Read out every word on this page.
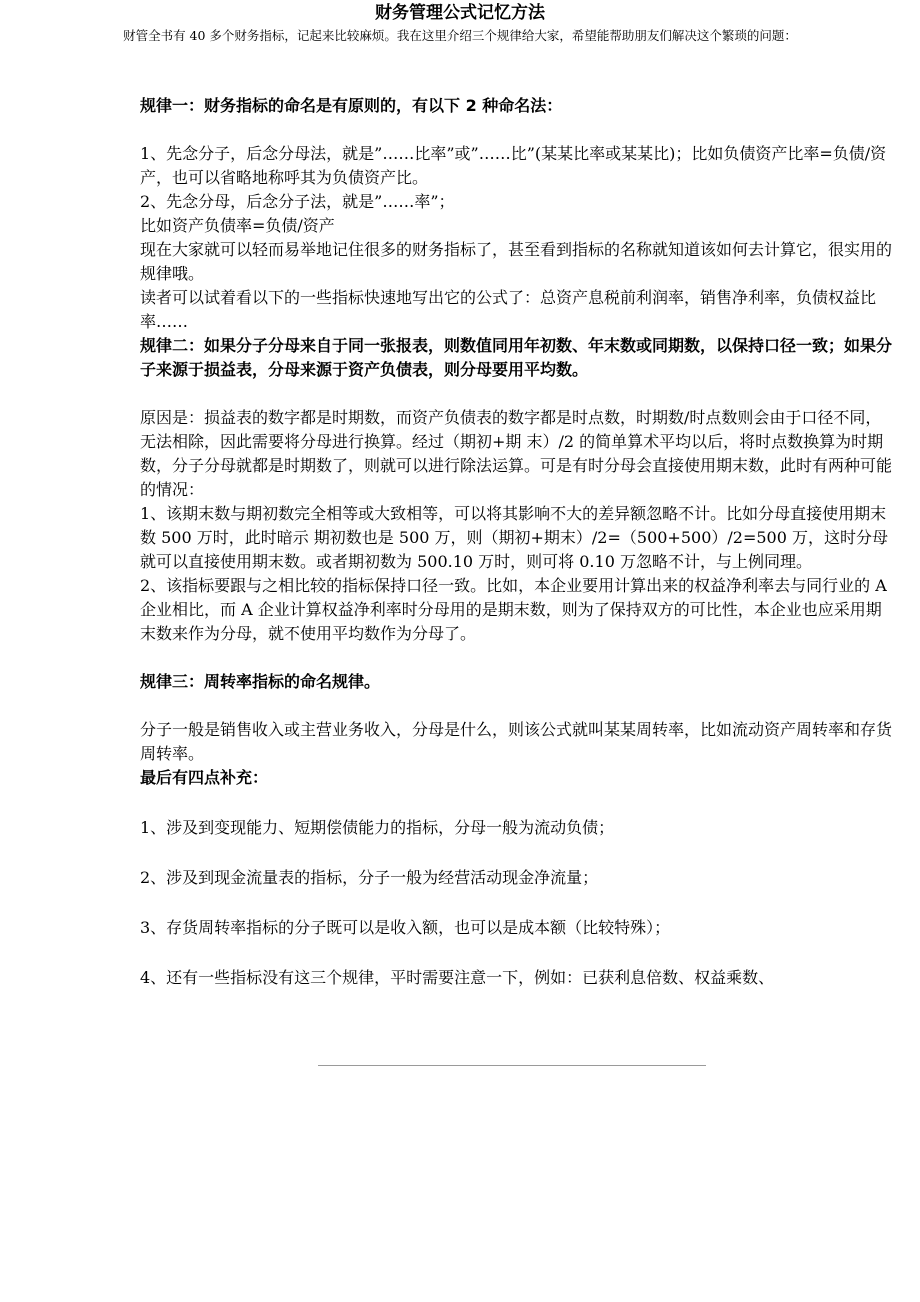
财务管理公式记忆方法
财管全书有 40 多个财务指标，记起来比较麻烦。我在这里介绍三个规律给大家，希望能帮助朋友们解决这个繁琐的问题：

规律一：财务指标的命名是有原则的，有以下 2 种命名法：

1、先念分子，后念分母法，就是”……比率”或”……比”(某某比率或某某比)；比如负债资产比率=负债/资产，也可以省略地称呼其为负债资产比。

2、先念分母，后念分子法，就是”……率”；

比如资产负债率=负债/资产

现在大家就可以轻而易举地记住很多的财务指标了，甚至看到指标的名称就知道该如何去计算它，很实用的规律哦。

读者可以试着看以下的一些指标快速地写出它的公式了：总资产息税前利润率，销售净利率，负债权益比率……

规律二：如果分子分母来自于同一张报表，则数值同用年初数、年末数或同期数，以保持口径一致；如果分子来源于损益表，分母来源于资产负债表，则分母要用平均数。

原因是：损益表的数字都是时期数，而资产负债表的数字都是时点数，时期数/时点数则会由于口径不同，无法相除，因此需要将分母进行换算。经过（期初+期 末）/2 的简单算术平均以后，将时点数换算为时期数，分子分母就都是时期数了，则就可以进行除法运算。可是有时分母会直接使用期末数，此时有两种可能的情况：

1、该期末数与期初数完全相等或大致相等，可以将其影响不大的差异额忽略不计。比如分母直接使用期末数 500 万时，此时暗示 期初数也是 500 万，则（期初+期末）/2=（500+500）/2=500 万，这时分母就可以直接使用期末数。或者期初数为 500.10 万时，则可将 0.10 万忽略不计，与上例同理。

2、该指标要跟与之相比较的指标保持口径一致。比如，本企业要用计算出来的权益净利率去与同行业的 A 企业相比，而 A 企业计算权益净利率时分母用的是期末数，则为了保持双方的可比性，本企业也应采用期末数来作为分母，就不使用平均数作为分母了。

规律三：周转率指标的命名规律。

分子一般是销售收入或主营业务收入，分母是什么，则该公式就叫某某周转率，比如流动资产周转率和存货周转率。

最后有四点补充：

1、涉及到变现能力、短期偿债能力的指标，分母一般为流动负债；

2、涉及到现金流量表的指标，分子一般为经营活动现金净流量；

3、存货周转率指标的分子既可以是收入额，也可以是成本额（比较特殊）；

4、还有一些指标没有这三个规律，平时需要注意一下，例如：已获利息倍数、权益乘数、
